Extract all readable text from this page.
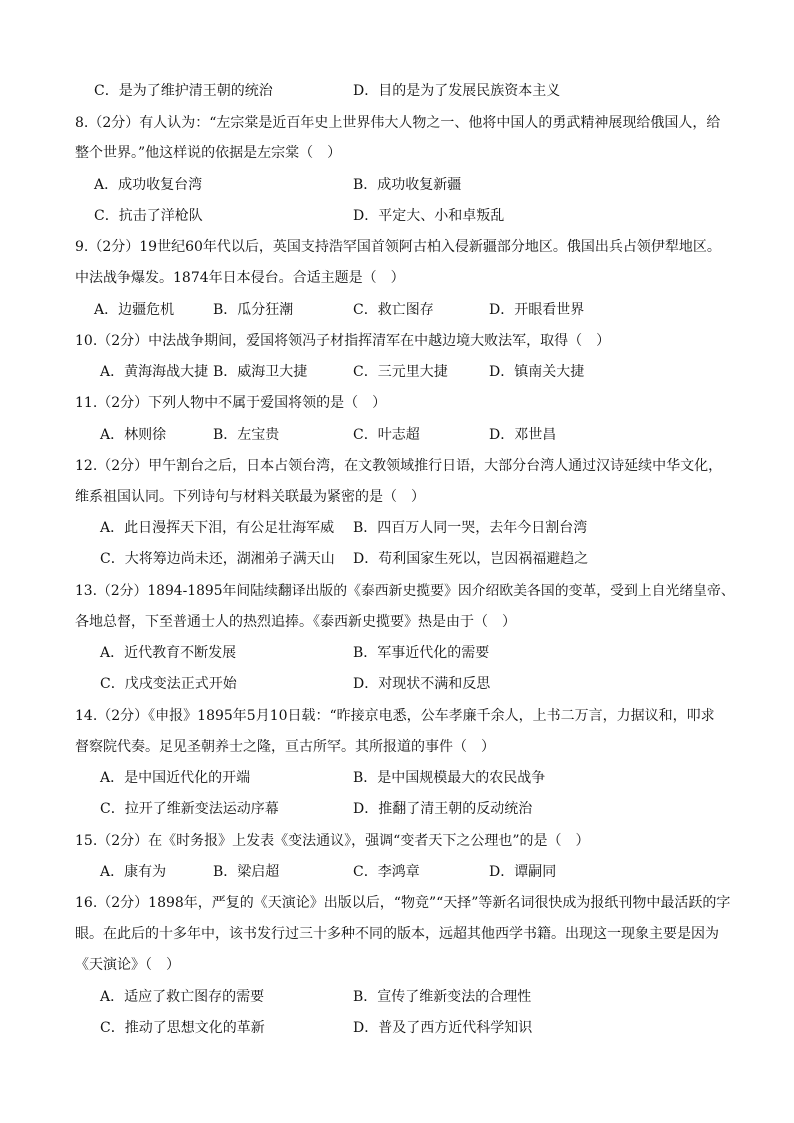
C．是为了维护清王朝的统治	D．目的是为了发展民族资本主义
8.（2分）有人认为：“左宗棠是近百年史上世界伟大人物之一、他将中国人的勇武精神展现给俄国人，给
整个世界。”他这样说的依据是左宗棠（　）
A．成功收复台湾	B．成功收复新疆
C．抗击了洋枪队	D．平定大、小和卓叛乱
9.（2分）19世纪60年代以后，英国支持浩罕国首领阿古柏入侵新疆部分地区。俄国出兵占领伊犁地区。
中法战争爆发。1874年日本侵台。合适主题是（　）
A．边疆危机	B．瓜分狂潮	C．救亡图存	D．开眼看世界
10.（2分）中法战争期间，爱国将领冯子材指挥清军在中越边境大败法军，取得（　）
A．黄海海战大捷 B．威海卫大捷	C．三元里大捷	D．镇南关大捷
11.（2分）下列人物中不属于爱国将领的是（　）
A．林则徐	B．左宝贵	C．叶志超	D．邓世昌
12.（2分）甲午割台之后，日本占领台湾，在文教领域推行日语，大部分台湾人通过汉诗延续中华文化，
维系祖国认同。下列诗句与材料关联最为紧密的是（　）
A．此日漫挥天下泪，有公足壮海军威 B．四百万人同一哭，去年今日割台湾
C．大将筹边尚未还，湖湘弟子满天山 D．苟利国家生死以，岂因祸福避趋之
13.（2分）1894-1895年间陆续翻译出版的《泰西新史揽要》因介绍欧美各国的变革，受到上自光绪皇帝、
各地总督，下至普通士人的热烈追捧。《泰西新史揽要》热是由于（　）
A．近代教育不断发展	B．军事近代化的需要
C．戊戌变法正式开始	D．对现状不满和反思
14.（2分）《申报》1895年5月10日载：“昨接京电悉，公车孝廉千余人，上书二万言，力据议和，叩求
督察院代奏。足见圣朝养士之隆，亘古所罕。其所报道的事件（　）
A．是中国近代化的开端	B．是中国规模最大的农民战争
C．拉开了维新变法运动序幕	D．推翻了清王朝的反动统治
15.（2分）在《时务报》上发表《变法通议》，强调“变者天下之公理也”的是（　）
A．康有为	B．梁启超	C．李鸿章	D．谭嗣同
16.（2分）1898年，严复的《天演论》出版以后，“物竞”“天择”等新名词很快成为报纸刊物中最活跃的字
眼。在此后的十多年中，该书发行过三十多种不同的版本，远超其他西学书籍。出现这一现象主要是因为
《天演论》（　）
A．适应了救亡图存的需要	B．宣传了维新变法的合理性
C．推动了思想文化的革新	D．普及了西方近代科学知识
